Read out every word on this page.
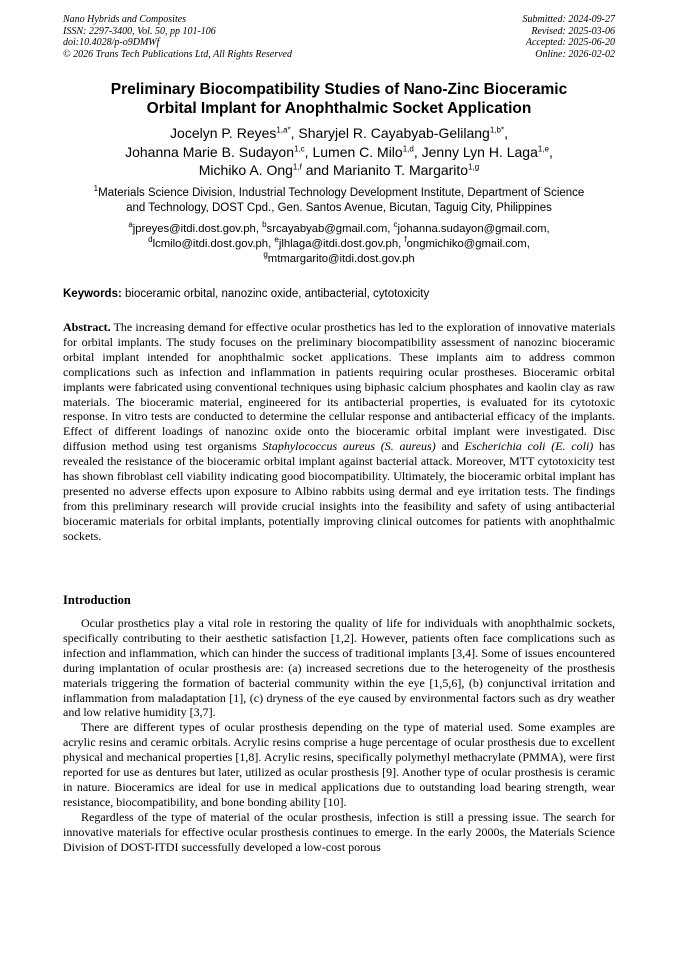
Nano Hybrids and Composites
ISSN: 2297-3400, Vol. 50, pp 101-106
doi:10.4028/p-o9DMWf
© 2026 Trans Tech Publications Ltd, All Rights Reserved
Submitted: 2024-09-27
Revised: 2025-03-06
Accepted: 2025-06-20
Online: 2026-02-02
Preliminary Biocompatibility Studies of Nano-Zinc Bioceramic
Orbital Implant for Anophthalmic Socket Application
Jocelyn P. Reyes$^{1,a*}$, Sharyjel R. Cayabyab-Gelilang$^{1,b*}$,
Johanna Marie B. Sudayon$^{1,c}$, Lumen C. Milo$^{1,d}$, Jenny Lyn H. Laga$^{1,e}$,
Michiko A. Ong$^{1,f}$ and Marianito T. Margarito$^{1,g}$
$^1$Materials Science Division, Industrial Technology Development Institute, Department of Science
and Technology, DOST Cpd., Gen. Santos Avenue, Bicutan, Taguig City, Philippines
$^a$jpreyes@itdi.dost.gov.ph, $^b$srcayabyab@gmail.com, $^c$johanna.sudayon@gmail.com,
$^d$lcmilo@itdi.dost.gov.ph, $^e$jlhlaga@itdi.dost.gov.ph, $^f$ongmichiko@gmail.com,
$^g$mtmargarito@itdi.dost.gov.ph
Keywords: bioceramic orbital, nanozinc oxide, antibacterial, cytotoxicity
Abstract. The increasing demand for effective ocular prosthetics has led to the exploration of innovative materials for orbital implants. The study focuses on the preliminary biocompatibility assessment of nanozinc bioceramic orbital implant intended for anophthalmic socket applications. These implants aim to address common complications such as infection and inflammation in patients requiring ocular prostheses. Bioceramic orbital implants were fabricated using conventional techniques using biphasic calcium phosphates and kaolin clay as raw materials. The bioceramic material, engineered for its antibacterial properties, is evaluated for its cytotoxic response. In vitro tests are conducted to determine the cellular response and antibacterial efficacy of the implants. Effect of different loadings of nanozinc oxide onto the bioceramic orbital implant were investigated. Disc diffusion method using test organisms Staphylococcus aureus (S. aureus) and Escherichia coli (E. coli) has revealed the resistance of the bioceramic orbital implant against bacterial attack. Moreover, MTT cytotoxicity test has shown fibroblast cell viability indicating good biocompatibility. Ultimately, the bioceramic orbital implant has presented no adverse effects upon exposure to Albino rabbits using dermal and eye irritation tests. The findings from this preliminary research will provide crucial insights into the feasibility and safety of using antibacterial bioceramic materials for orbital implants, potentially improving clinical outcomes for patients with anophthalmic sockets.
Introduction

Ocular prosthetics play a vital role in restoring the quality of life for individuals with anophthalmic sockets, specifically contributing to their aesthetic satisfaction [1,2]. However, patients often face complications such as infection and inflammation, which can hinder the success of traditional implants [3,4]. Some of issues encountered during implantation of ocular prosthesis are: (a) increased secretions due to the heterogeneity of the prosthesis materials triggering the formation of bacterial community within the eye [1,5,6], (b) conjunctival irritation and inflammation from maladaptation [1], (c) dryness of the eye caused by environmental factors such as dry weather and low relative humidity [3,7].

There are different types of ocular prosthesis depending on the type of material used. Some examples are acrylic resins and ceramic orbitals. Acrylic resins comprise a huge percentage of ocular prosthesis due to excellent physical and mechanical properties [1,8]. Acrylic resins, specifically polymethyl methacrylate (PMMA), were first reported for use as dentures but later, utilized as ocular prosthesis [9]. Another type of ocular prosthesis is ceramic in nature. Bioceramics are ideal for use in medical applications due to outstanding load bearing strength, wear resistance, biocompatibility, and bone bonding ability [10].

Regardless of the type of material of the ocular prosthesis, infection is still a pressing issue. The search for innovative materials for effective ocular prosthesis continues to emerge. In the early 2000s, the Materials Science Division of DOST-ITDI successfully developed a low-cost porous
